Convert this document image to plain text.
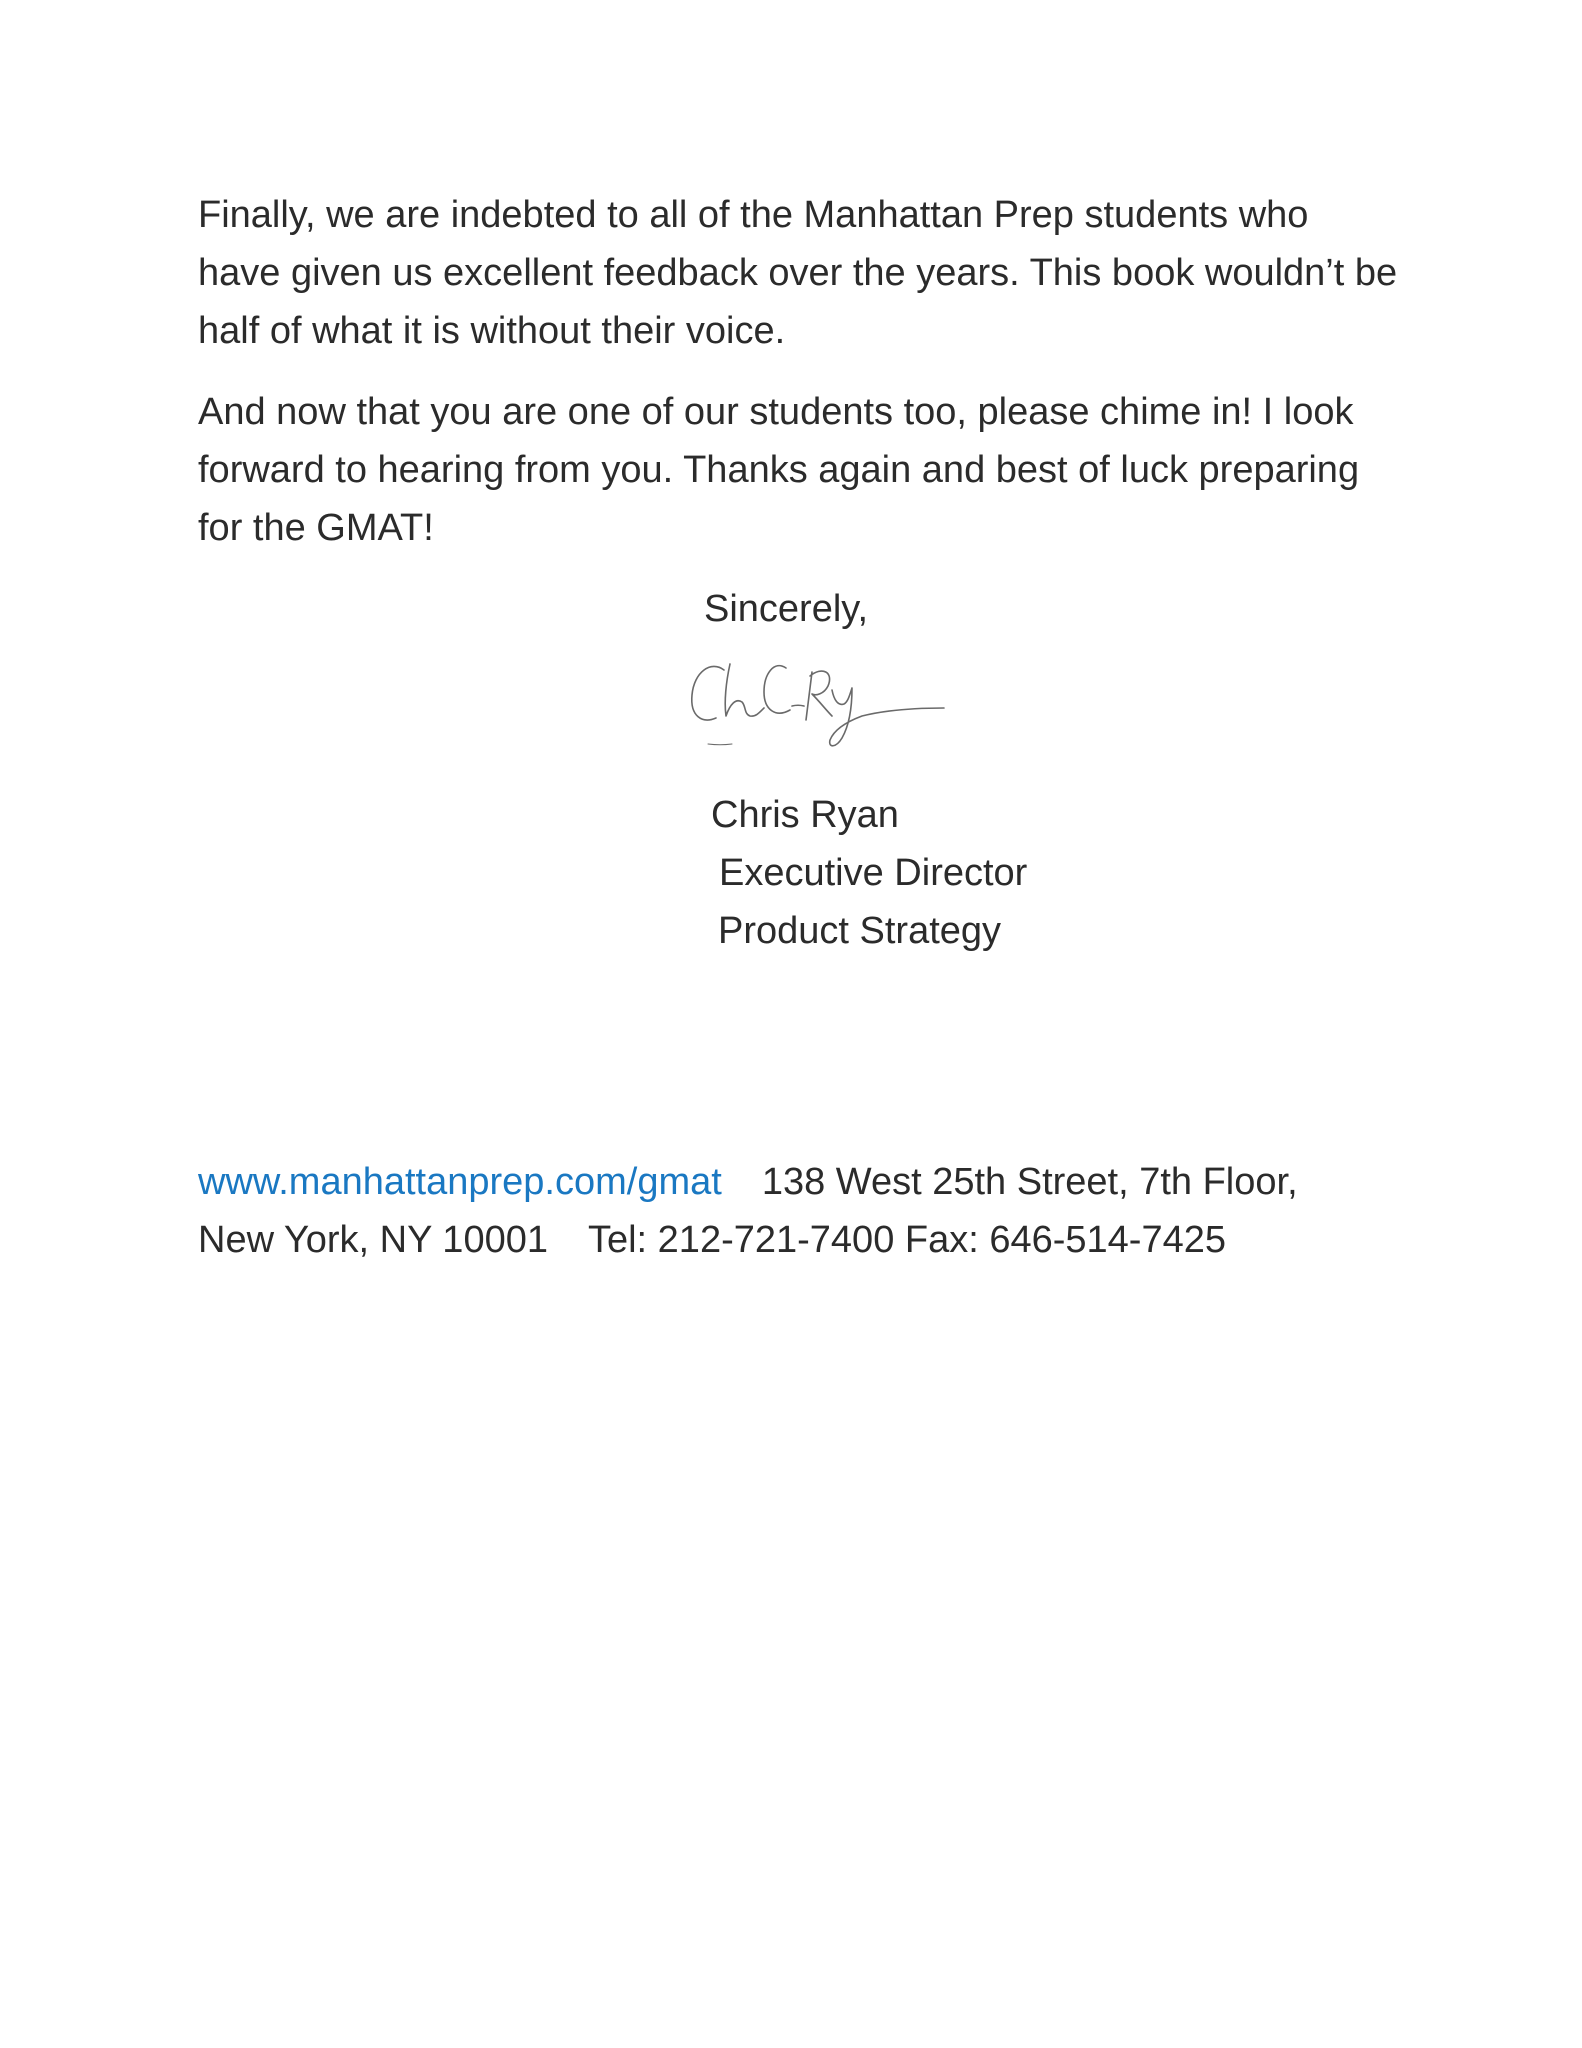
Finally, we are indebted to all of the Manhattan Prep students who have given us excellent feedback over the years. This book wouldn’t be half of what it is without their voice.

And now that you are one of our students too, please chime in! I look forward to hearing from you. Thanks again and best of luck preparing for the GMAT!

Sincerely,
Chris Ryan
Executive Director
Product Strategy
www.manhattanprep.com/gmat 138 West 25th Street, 7th Floor,
New York, NY 10001 Tel: 212-721-7400 Fax: 646-514-7425
